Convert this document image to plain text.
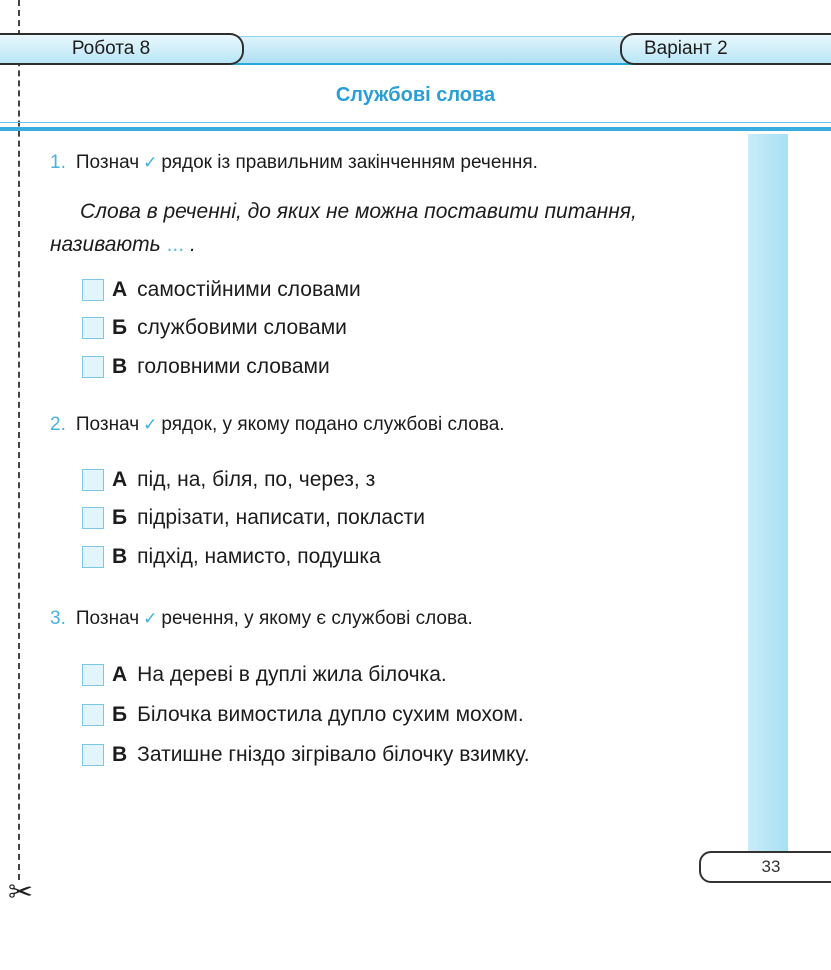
✂
Робота 8	Варіант 2
Службові слова
33
1. Познач ✓ рядок із правильним закінченням речення.
Слова в реченні, до яких не можна поставити питання, називають ... .
А самостійними словами
Б службовими словами
В головними словами
2. Познач ✓ рядок, у якому подано службові слова.
А під, на, біля, по, через, з
Б підрізати, написати, покласти
В підхід, намисто, подушка
3. Познач ✓ речення, у якому є службові слова.
А На дереві в дуплі жила білочка.
Б Білочка вимостила дупло сухим мохом.
В Затишне гніздо зігрівало білочку взимку.
